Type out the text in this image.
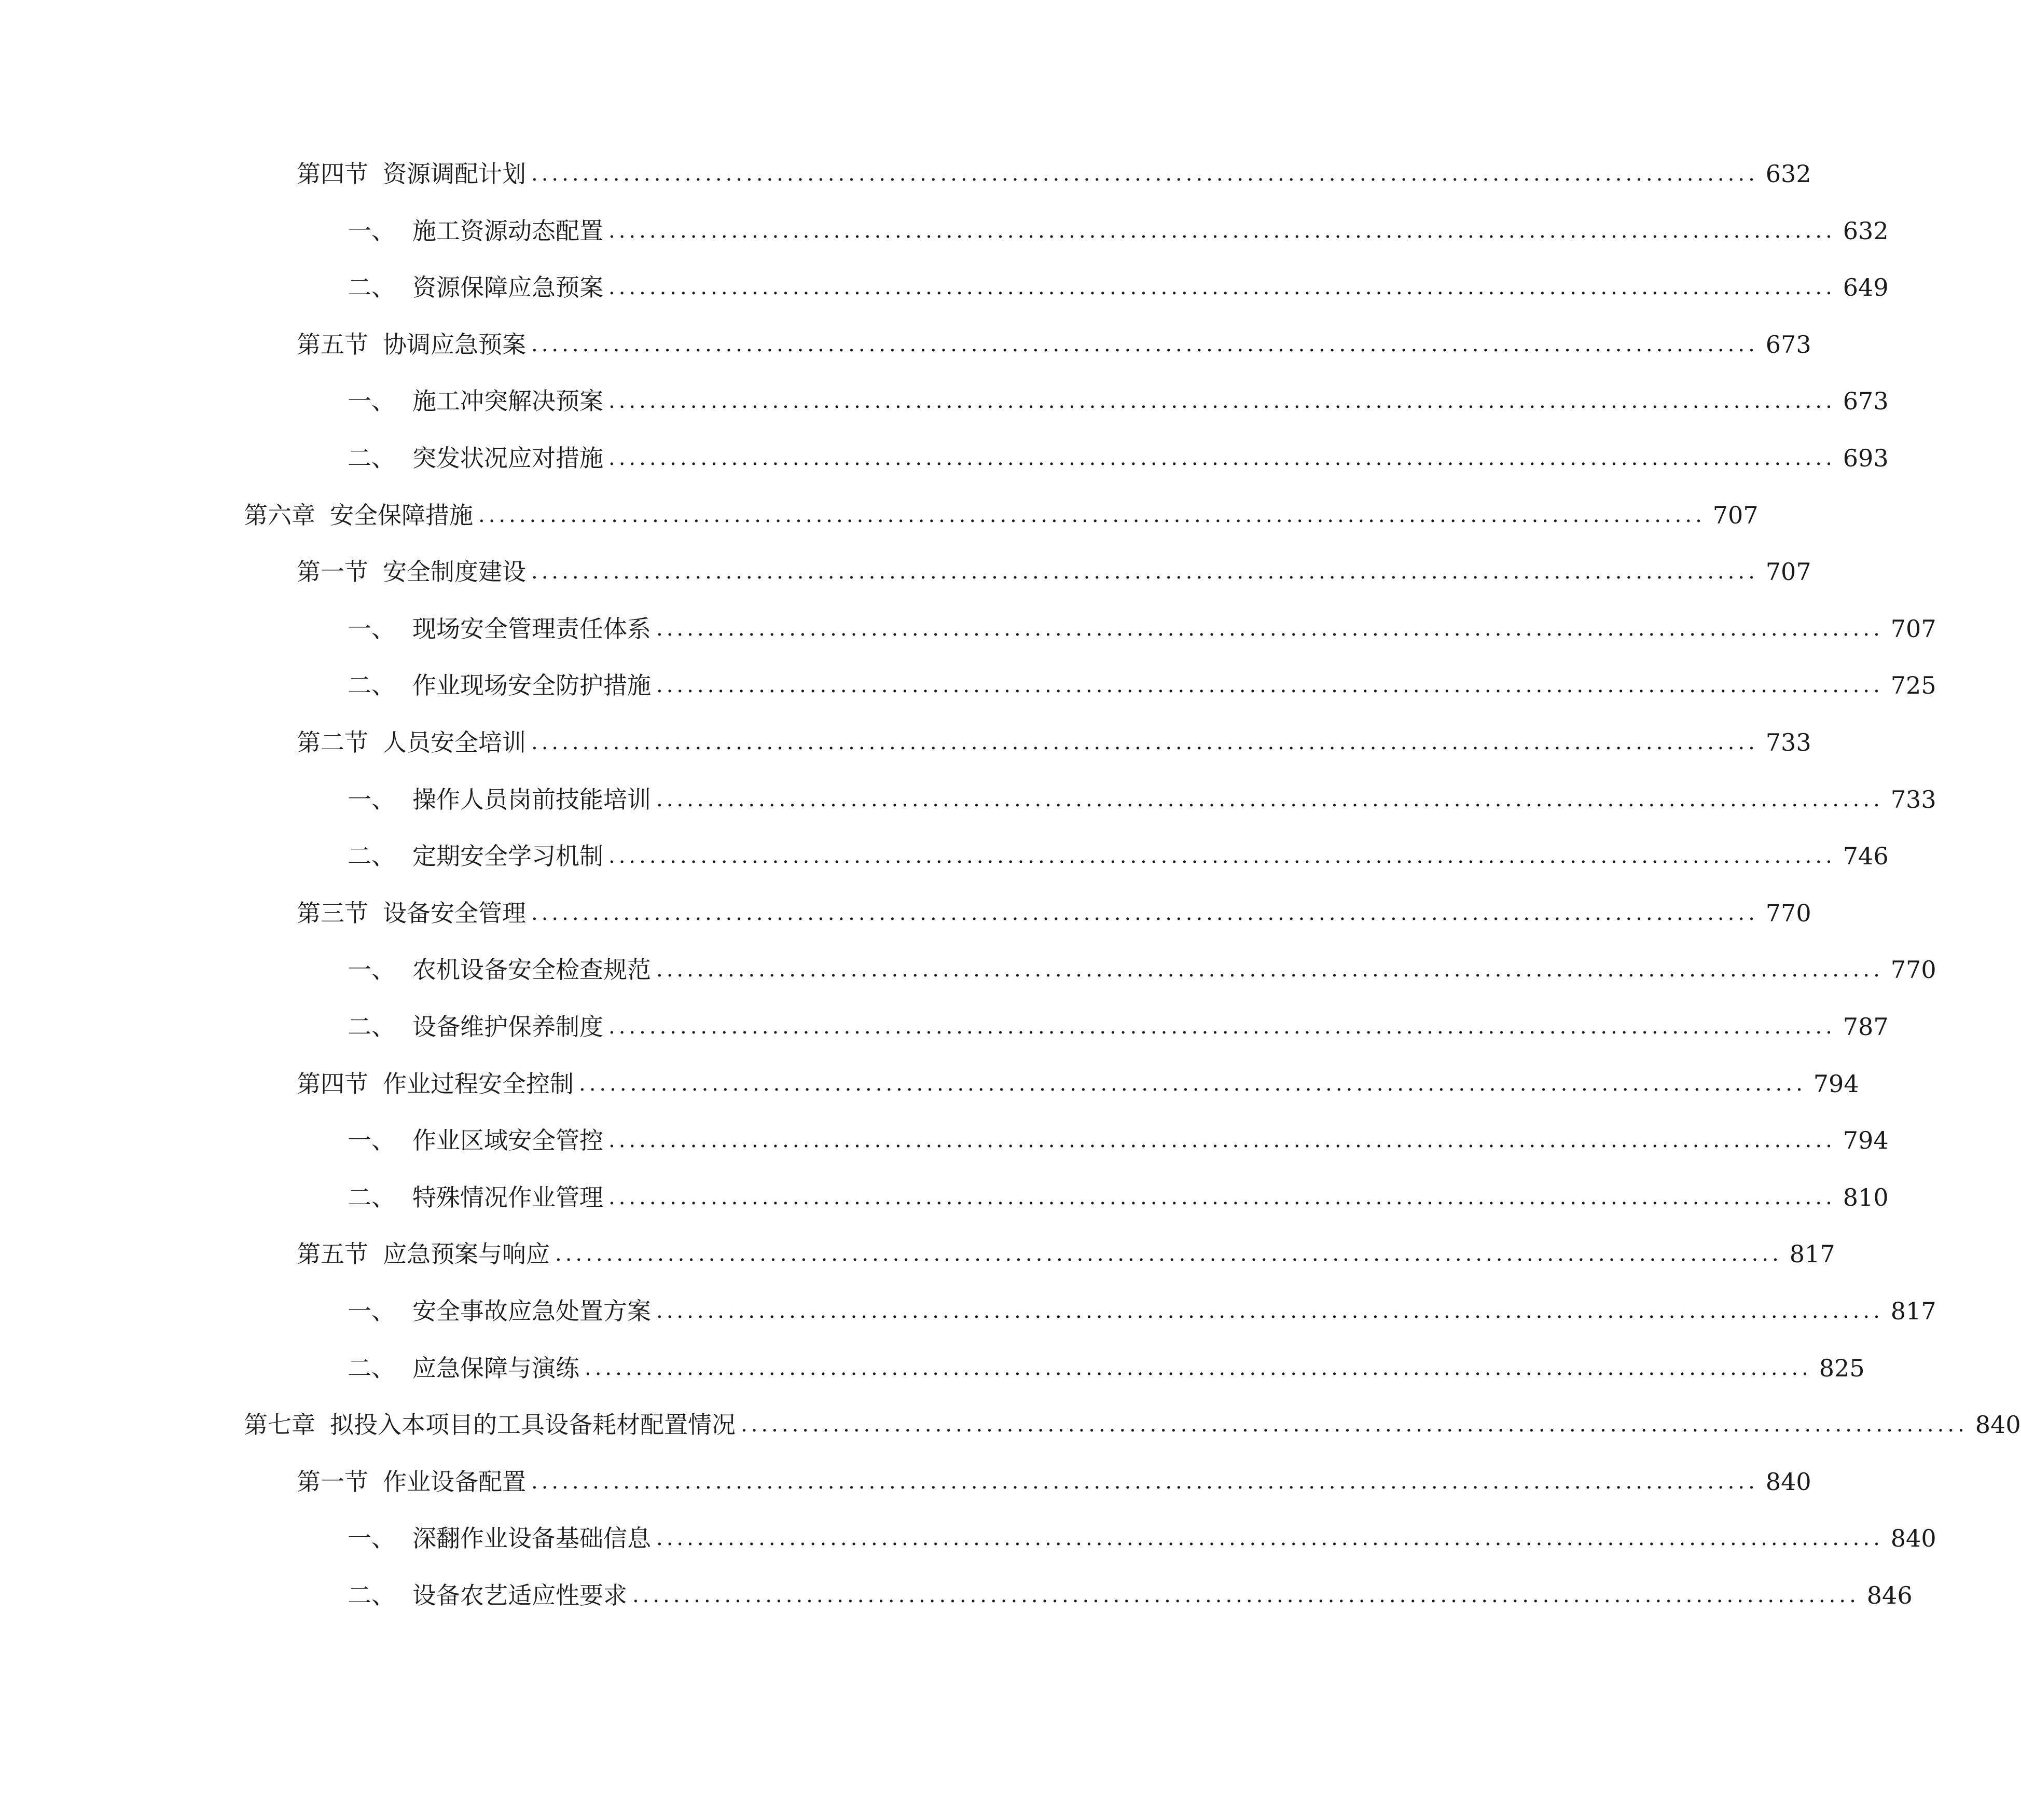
第四节 资源调配计划 ........................................................................................................................ 632
一、 施工资源动态配置 ........................................................................................................................ 632
二、 资源保障应急预案 ........................................................................................................................ 649
第五节 协调应急预案 ........................................................................................................................ 673
一、 施工冲突解决预案 ........................................................................................................................ 673
二、 突发状况应对措施 ........................................................................................................................ 693
第六章 安全保障措施 ........................................................................................................................ 707
第一节 安全制度建设 ........................................................................................................................ 707
一、 现场安全管理责任体系 ........................................................................................................................ 707
二、 作业现场安全防护措施 ........................................................................................................................ 725
第二节 人员安全培训 ........................................................................................................................ 733
一、 操作人员岗前技能培训 ........................................................................................................................ 733
二、 定期安全学习机制 ........................................................................................................................ 746
第三节 设备安全管理 ........................................................................................................................ 770
一、 农机设备安全检查规范 ........................................................................................................................ 770
二、 设备维护保养制度 ........................................................................................................................ 787
第四节 作业过程安全控制 ........................................................................................................................ 794
一、 作业区域安全管控 ........................................................................................................................ 794
二、 特殊情况作业管理 ........................................................................................................................ 810
第五节 应急预案与响应 ........................................................................................................................ 817
一、 安全事故应急处置方案 ........................................................................................................................ 817
二、 应急保障与演练 ........................................................................................................................ 825
第七章 拟投入本项目的工具设备耗材配置情况 ........................................................................................................................ 840
第一节 作业设备配置 ........................................................................................................................ 840
一、 深翻作业设备基础信息 ........................................................................................................................ 840
二、 设备农艺适应性要求 ........................................................................................................................ 846
